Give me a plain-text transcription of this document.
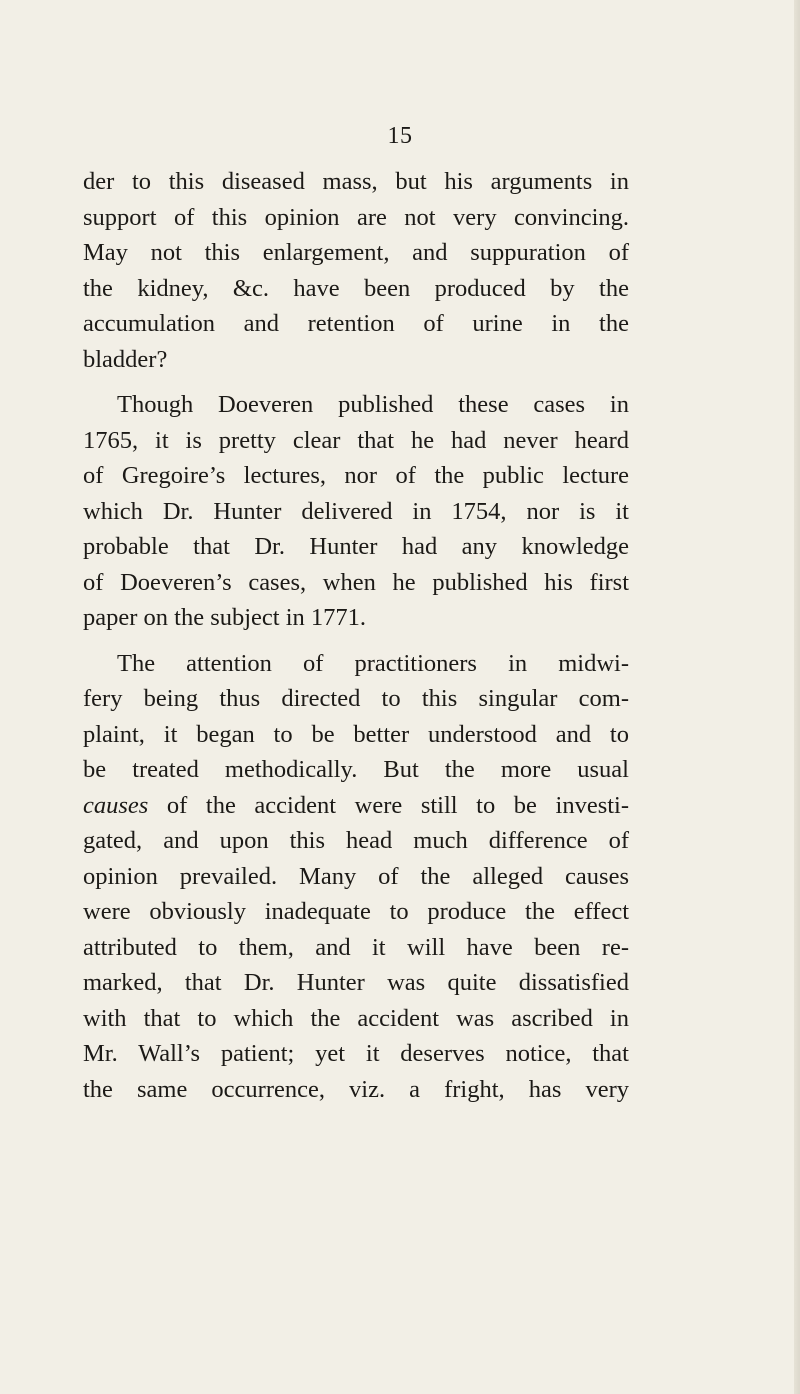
15
der to this diseased mass, but his arguments in
support of this opinion are not very convincing.
May not this enlargement, and suppuration of
the kidney, &c. have been produced by the
accumulation and retention of urine in the
bladder?
Though Doeveren published these cases in
1765, it is pretty clear that he had never heard
of Gregoire’s lectures, nor of the public lecture
which Dr. Hunter delivered in 1754, nor is it
probable that Dr. Hunter had any knowledge
of Doeveren’s cases, when he published his first
paper on the subject in 1771.
The attention of practitioners in midwi-
fery being thus directed to this singular com-
plaint, it began to be better understood and to
be treated methodically. But the more usual
causes of the accident were still to be investi-
gated, and upon this head much difference of
opinion prevailed. Many of the alleged causes
were obviously inadequate to produce the effect
attributed to them, and it will have been re-
marked, that Dr. Hunter was quite dissatisfied
with that to which the accident was ascribed in
Mr. Wall’s patient; yet it deserves notice, that
the same occurrence, viz. a fright, has very
